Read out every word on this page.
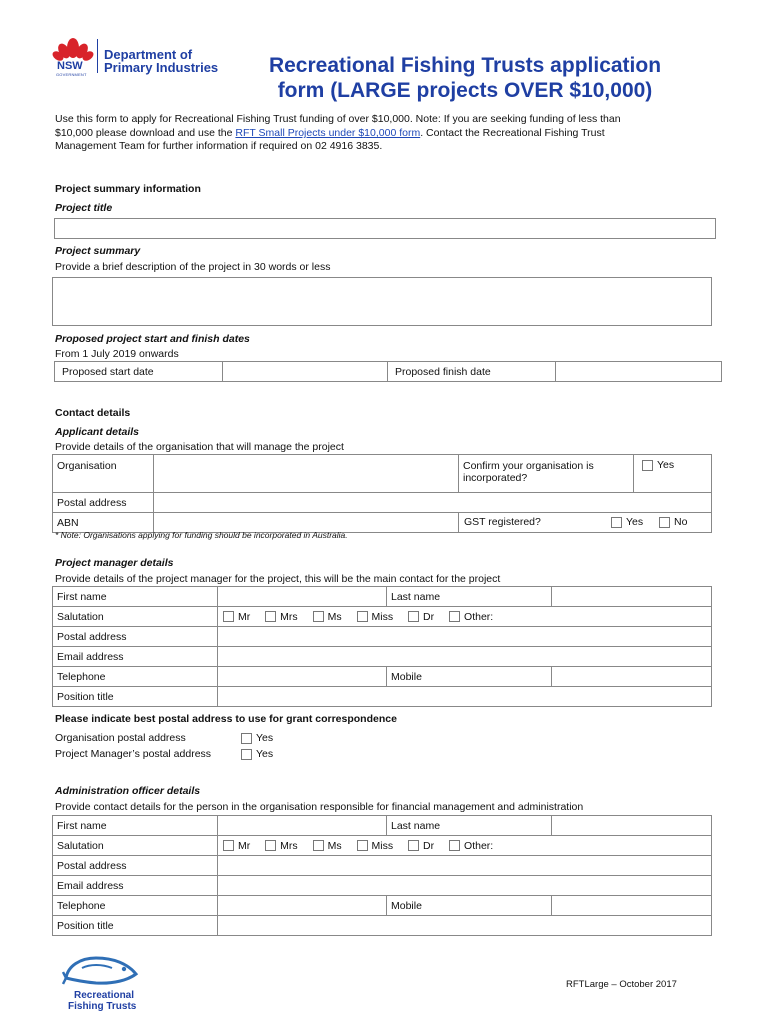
NSW
GOVERNMENT
Department of
Primary Industries	Recreational Fishing Trusts application
form (LARGE projects OVER $10,000)
Use this form to apply for Recreational Fishing Trust funding of over $10,000. Note: If you are seeking funding of less than
$10,000 please download and use the RFT Small Projects under $10,000 form. Contact the Recreational Fishing Trust
Management Team for further information if required on 02 4916 3835.
Project summary information
Project title
Project summary
Provide a brief description of the project in 30 words or less
Proposed project start and finish dates
From 1 July 2019 onwards
Proposed start date		Proposed finish date	
Contact details
Applicant details
Provide details of the organisation that will manage the project
Organisation		Confirm your organisation is incorporated?	Yes
Postal address			
ABN		GST registered? Yes No	
* Note: Organisations applying for funding should be incorporated in Australia.
Project manager details
Provide details of the project manager for the project, this will be the main contact for the project
First name		Last name	
Salutation	Mr Mrs Ms Miss Dr Other:		
Postal address			
Email address			
Telephone		Mobile	
Position title			
Please indicate best postal address to use for grant correspondence
Organisation postal address	Yes
Project Manager’s postal address	Yes
Administration officer details
Provide contact details for the person in the organisation responsible for financial management and administration
First name		Last name	
Salutation	Mr Mrs Ms Miss Dr Other:		
Postal address			
Email address			
Telephone		Mobile	
Position title			
Recreational
Fishing Trusts
RFTLarge – October 2017
